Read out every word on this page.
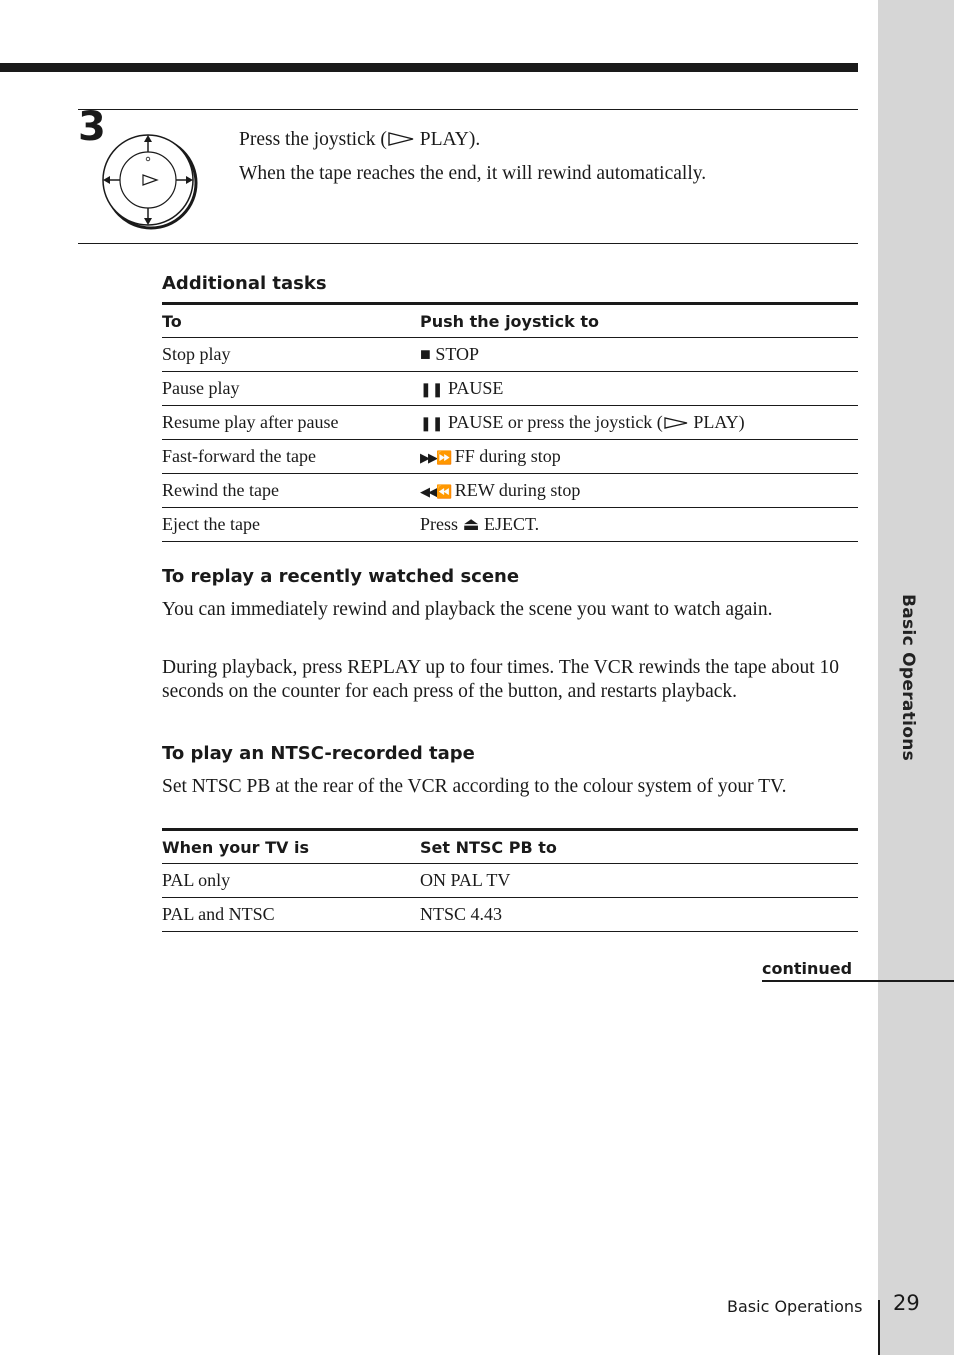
Basic Operations
3	Press the joystick ( PLAY).
When the tape reaches the end, it will rewind automatically.
Additional tasks
To	Push the joystick to
Stop play	■ STOP
Pause play	❚❚ PAUSE
Resume play after pause	❚❚ PAUSE or press the joystick ( PLAY)
Fast-forward the tape	▶▶⏩ FF during stop
Rewind the tape	◀◀⏪ REW during stop
Eject the tape	Press ⏏ EJECT.
To replay a recently watched scene

You can immediately rewind and playback the scene you want to watch again.

During playback, press REPLAY up to four times. The VCR rewinds the tape about 10 seconds on the counter for each press of the button, and restarts playback.

To play an NTSC-recorded tape

Set NTSC PB at the rear of the VCR according to the colour system of your TV.

When your TV is	Set NTSC PB to
PAL only	ON PAL TV
PAL and NTSC	NTSC 4.43
continued
Basic Operations 29
